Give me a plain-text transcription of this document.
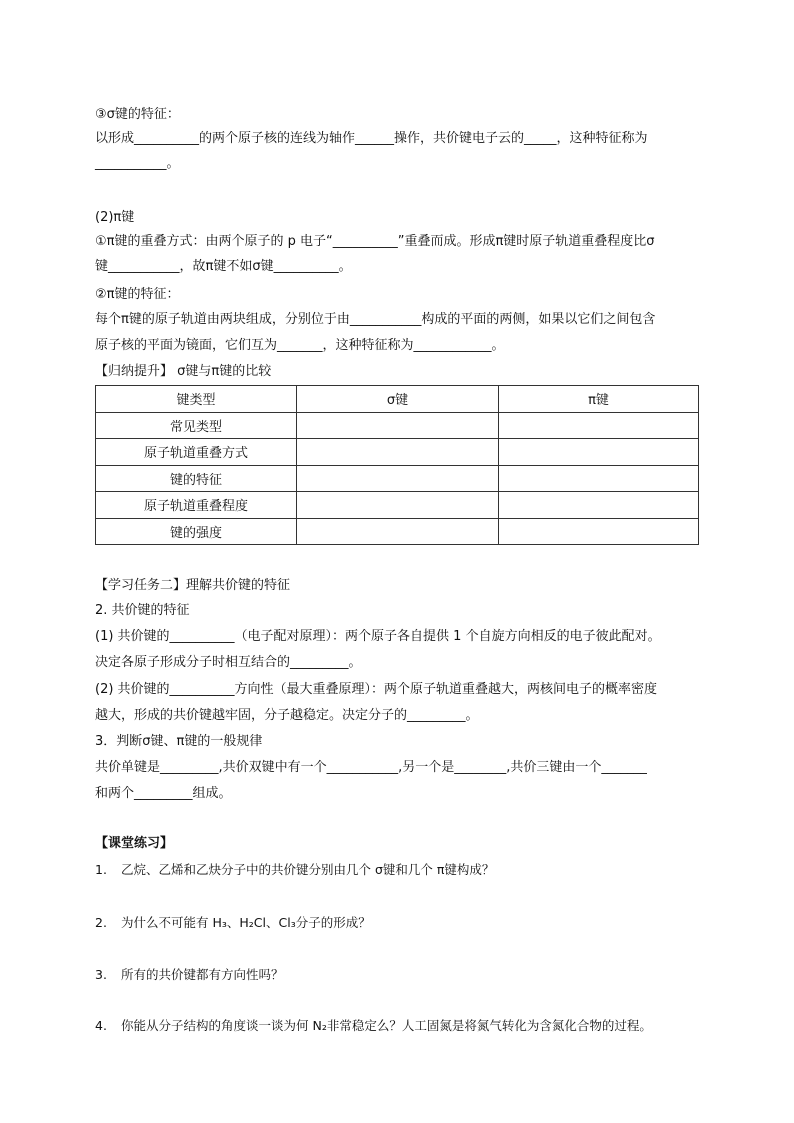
③σ键的特征：
以形成__________的两个原子核的连线为轴作______操作，共价键电子云的_____，这种特征称为
___________。
(2)π键
①π键的重叠方式：由两个原子的 p 电子“__________”重叠而成。形成π键时原子轨道重叠程度比σ
键___________，故π键不如σ键__________。
②π键的特征：
每个π键的原子轨道由两块组成，分别位于由___________构成的平面的两侧，如果以它们之间包含
原子核的平面为镜面，它们互为_______，这种特征称为____________。
【归纳提升】 σ键与π键的比较
键类型	σ键	π键
常见类型		
原子轨道重叠方式		
键的特征		
原子轨道重叠程度		
键的强度		
【学习任务二】理解共价键的特征
2. 共价键的特征
(1) 共价键的__________（电子配对原理）：两个原子各自提供 1 个自旋方向相反的电子彼此配对。
决定各原子形成分子时相互结合的_________。
(2) 共价键的__________方向性（最大重叠原理）：两个原子轨道重叠越大，两核间电子的概率密度
越大，形成的共价键越牢固，分子越稳定。决定分子的_________。
3．判断σ键、π键的一般规律
共价单键是_________,共价双键中有一个___________,另一个是________,共价三键由一个_______
和两个_________组成。
【课堂练习】
1. 乙烷、乙烯和乙炔分子中的共价键分别由几个 σ键和几个 π键构成？
2. 为什么不可能有 H₃、H₂Cl、Cl₃分子的形成？
3. 所有的共价键都有方向性吗？
4. 你能从分子结构的角度谈一谈为何 N₂非常稳定么？人工固氮是将氮气转化为含氮化合物的过程。
